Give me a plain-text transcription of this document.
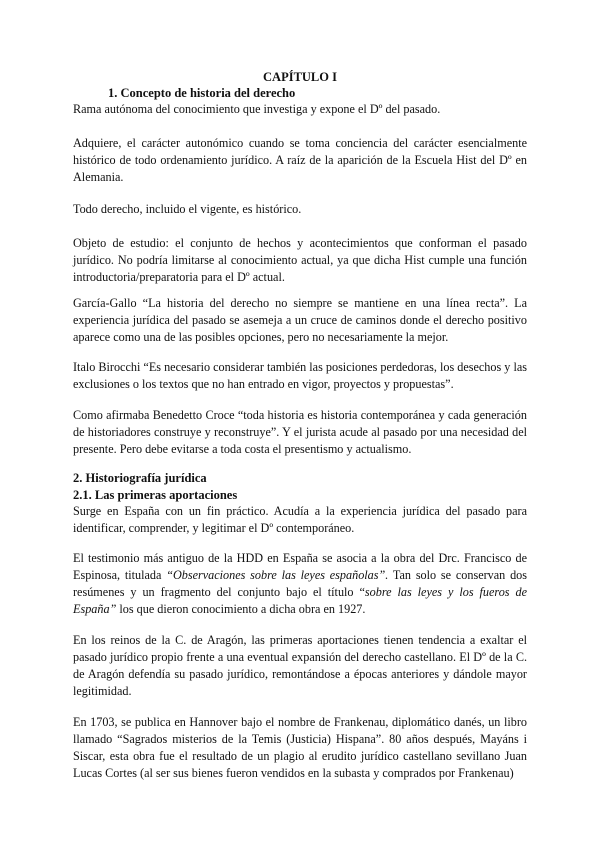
CAPÍTULO I
1. Concepto de historia del derecho

Rama autónoma del conocimiento que investiga y expone el Dº del pasado.

Adquiere, el carácter autonómico cuando se toma conciencia del carácter esencialmente histórico de todo ordenamiento jurídico. A raíz de la aparición de la Escuela Hist del Dº en Alemania.

Todo derecho, incluido el vigente, es histórico.

Objeto de estudio: el conjunto de hechos y acontecimientos que conforman el pasado jurídico. No podría limitarse al conocimiento actual, ya que dicha Hist cumple una función introductoria/preparatoria para el Dº actual.

García-Gallo “La historia del derecho no siempre se mantiene en una línea recta”. La experiencia jurídica del pasado se asemeja a un cruce de caminos donde el derecho positivo aparece como una de las posibles opciones, pero no necesariamente la mejor.

Italo Birocchi “Es necesario considerar también las posiciones perdedoras, los desechos y las exclusiones o los textos que no han entrado en vigor, proyectos y propuestas”.

Como afirmaba Benedetto Croce “toda historia es historia contemporánea y cada generación de historiadores construye y reconstruye”. Y el jurista acude al pasado por una necesidad del presente. Pero debe evitarse a toda costa el presentismo y actualismo.

2. Historiografía jurídica
2.1. Las primeras aportaciones

Surge en España con un fin práctico. Acudía a la experiencia jurídica del pasado para identificar, comprender, y legitimar el Dº contemporáneo.

El testimonio más antiguo de la HDD en España se asocia a la obra del Drc. Francisco de Espinosa, titulada “Observaciones sobre las leyes españolas”. Tan solo se conservan dos resúmenes y un fragmento del conjunto bajo el título “sobre las leyes y los fueros de España” los que dieron conocimiento a dicha obra en 1927.

En los reinos de la C. de Aragón, las primeras aportaciones tienen tendencia a exaltar el pasado jurídico propio frente a una eventual expansión del derecho castellano. El Dº de la C. de Aragón defendía su pasado jurídico, remontándose a épocas anteriores y dándole mayor legitimidad.

En 1703, se publica en Hannover bajo el nombre de Frankenau, diplomático danés, un libro llamado “Sagrados misterios de la Temis (Justicia) Hispana”. 80 años después, Mayáns i Siscar, esta obra fue el resultado de un plagio al erudito jurídico castellano sevillano Juan Lucas Cortes (al ser sus bienes fueron vendidos en la subasta y comprados por Frankenau)
